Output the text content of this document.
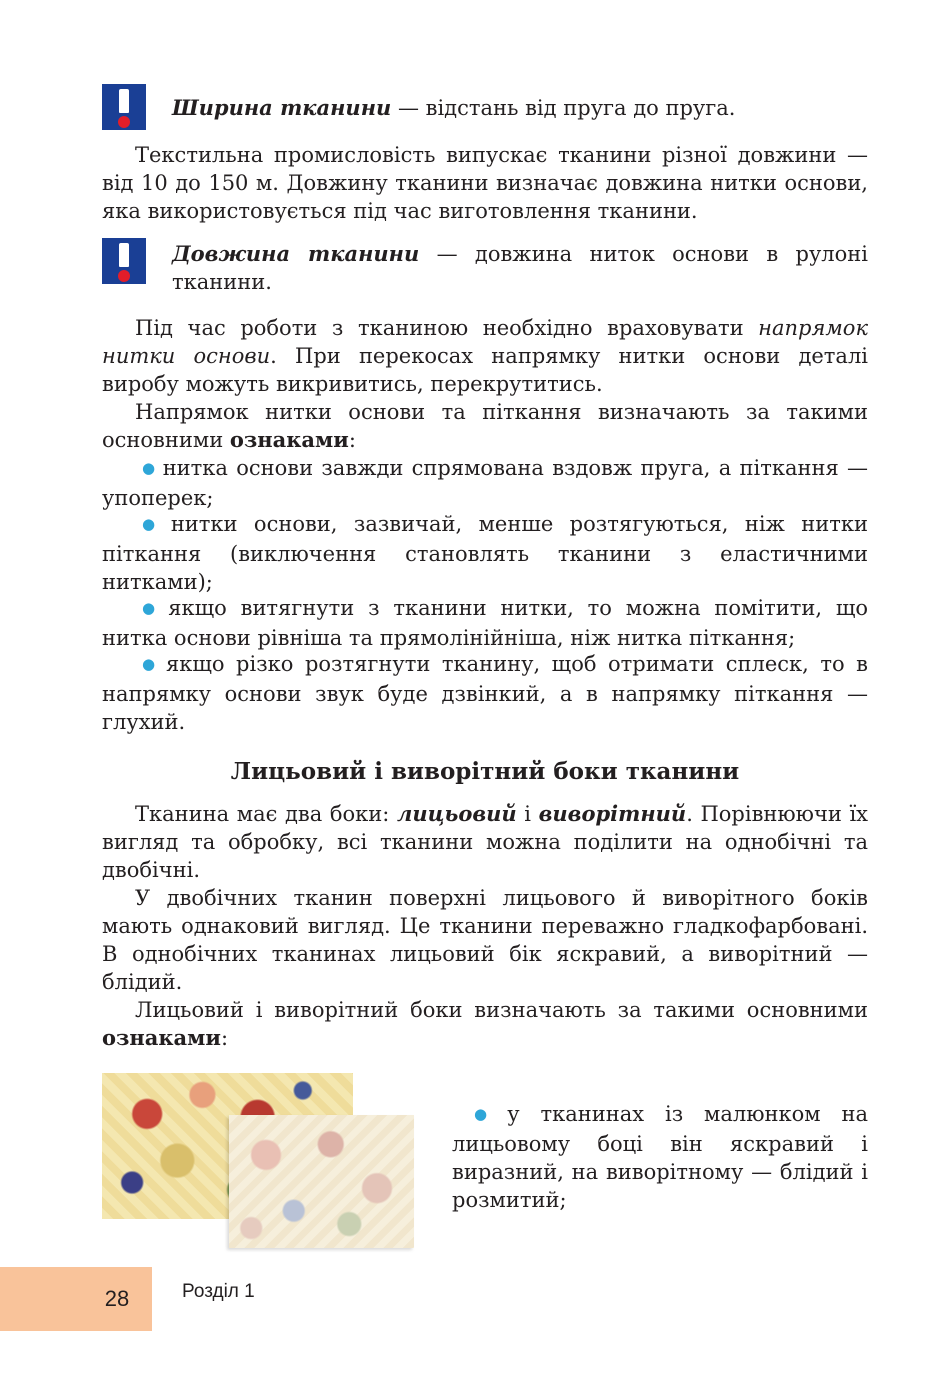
Ширина тканини — відстань від пруга до пруга.

Текстильна промисловість випускає тканини різної довжини — від 10 до 150 м. Довжину тканини визначає довжина нитки основи, яка використовується під час виготовлення тканини.

Довжина тканини — довжина ниток основи в рулоні тканини.

Під час роботи з тканиною необхідно враховувати напрямок нитки основи. При перекосах напрямку нитки основи деталі виробу можуть викривитись, перекрутитись.

Напрямок нитки основи та піткання визначають за такими основними ознаками:

● нитка основи завжди спрямована вздовж пруга, а піткання — упоперек;

● нитки основи, зазвичай, менше розтягуються, ніж нитки піткання (виключення становлять тканини з еластичними нитками);

● якщо витягнути з тканини нитки, то можна помітити, що нитка основи рівніша та прямолінійніша, ніж нитка піткання;

● якщо різко розтягнути тканину, щоб отримати сплеск, то в напрямку основи звук буде дзвінкий, а в напрямку піткання — глухий.

Лицьовий і виворітний боки тканини

Тканина має два боки: лицьовий і виворітний. Порівнюючи їх вигляд та обробку, всі тканини можна поділити на однобічні та двобічні.

У двобічних тканин поверхні лицьового й виворітного боків мають однаковий вигляд. Це тканини переважно гладкофарбовані. В однобічних тканинах лицьовий бік яскравий, а виворітний — блідий.

Лицьовий і виворітний боки визначають за такими основними ознаками:

● у тканинах із малюнком на лицьовому боці він яскравий і виразний, на виворітному — блідий і розмитий;

28	Розділ 1
